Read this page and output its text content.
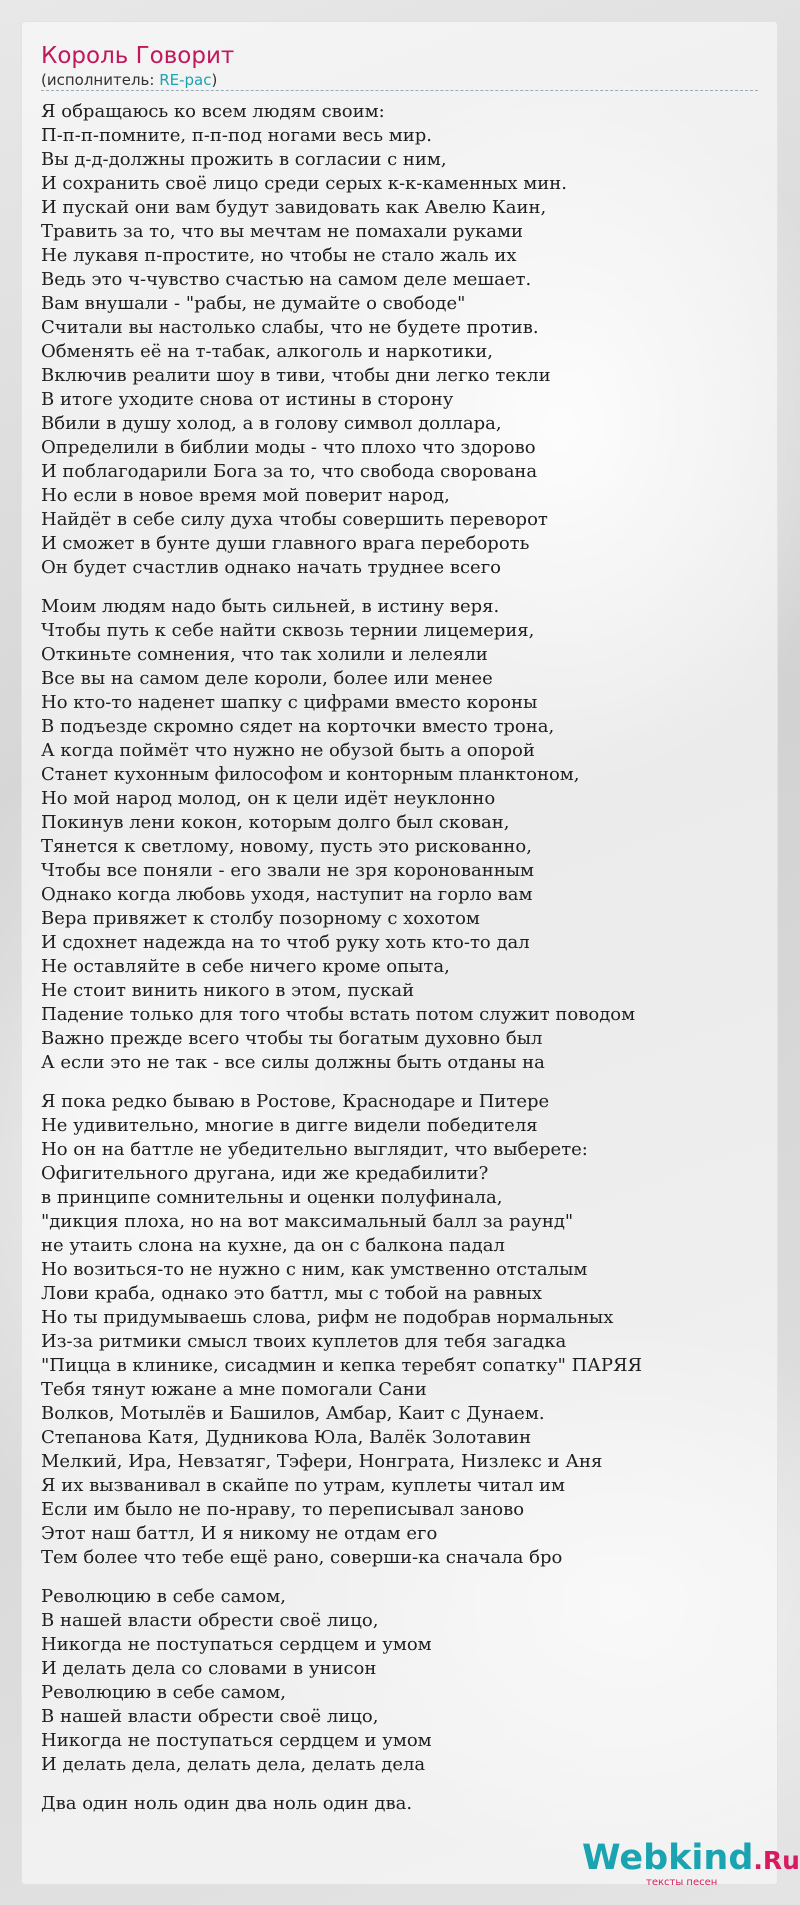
Король Говорит
(исполнитель: RE-pac)
Я обращаюсь ко всем людям своим:
П-п-п-помните, п-п-под ногами весь мир.
Вы д-д-должны прожить в согласии с ним,
И сохранить своё лицо среди серых к-к-каменных мин.
И пускай они вам будут завидовать как Авелю Каин,
Травить за то, что вы мечтам не помахали руками
Не лукавя п-простите, но чтобы не стало жаль их
Ведь это ч-чувство счастью на самом деле мешает.
Вам внушали - "рабы, не думайте о свободе"
Считали вы настолько слабы, что не будете против.
Обменять её на т-табак, алкоголь и наркотики,
Включив реалити шоу в тиви, чтобы дни легко текли
В итоге уходите снова от истины в сторону
Вбили в душу холод, а в голову символ доллара,
Определили в библии моды - что плохо что здорово
И поблагодарили Бога за то, что свобода своровaна
Но если в новое время мой поверит народ,
Найдёт в себе силу духа чтобы совершить переворот
И сможет в бунте души главного врага перебороть
Он будет счастлив однако начать труднее всего
Моим людям надо быть сильней, в истину веря.
Чтобы путь к себе найти сквозь тернии лицемерия,
Откиньте сомнения, что так холили и лелеяли
Все вы на самом деле короли, более или менее
Но кто-то наденет шапку с цифрами вместо короны
В подъезде скромно сядет на корточки вместо трона,
А когда поймёт что нужно не обузой быть а опорой
Станет кухонным философом и конторным планктоном,
Но мой народ молод, он к цели идёт неуклонно
Покинув лени кокон, которым долго был скован,
Тянется к светлому, новому, пусть это рискованно,
Чтобы все поняли - его звали не зря коронованным
Однако когда любовь уходя, наступит на горло вам
Вера привяжет к столбу позорному с хохотом
И сдохнет надежда на то чтоб руку хоть кто-то дал
Не оставляйте в себе ничего кроме опыта,
Не стоит винить никого в этом, пускай
Падение только для того чтобы встать потом служит поводом
Важно прежде всего чтобы ты богатым духовно был
А если это не так - все силы должны быть отданы на
Я пока редко бываю в Ростове, Краснодаре и Питере
Не удивительно, многие в дигге видели победителя
Но он на баттле не убедительно выглядит, что выберете:
Офигительного другана, иди же кредабилити?
в принципе сомнительны и оценки полуфинала,
"дикция плоха, но на вот максимальный балл за раунд"
не утаить слона на кухне, да он с балкона падал
Но возиться-то не нужно с ним, как умственно отсталым
Лови краба, однако это баттл, мы с тобой на равных
Но ты придумываешь слова, рифм не подобрав нормальных
Из-за ритмики смысл твоих куплетов для тебя загадка
"Пицца в клинике, сисадмин и кепка теребят сопатку" ПАРЯЯ
Тебя тянут южане а мне помогали Сани
Волков, Мотылёв и Башилов, Амбар, Каит с Дунаем.
Степанова Катя, Дудникова Юла, Валёк Золотавин
Мелкий, Ира, Невзатяг, Тэфери, Нонграта, Низлекс и Аня
Я их вызванивал в скайпе по утрам, куплеты читал им
Если им было не по-нраву, то переписывал заново
Этот наш баттл, И я никому не отдам его
Тем более что тебе ещё рано, соверши-ка сначала бро
Революцию в себе самом,
В нашей власти обрести своё лицо,
Никогда не поступаться сердцем и умом
И делать дела со словами в унисон
Революцию в себе самом,
В нашей власти обрести своё лицо,
Никогда не поступаться сердцем и умом
И делать дела, делать дела, делать дела
Два один ноль один два ноль один два.
Webkind.Ru
тексты песен
